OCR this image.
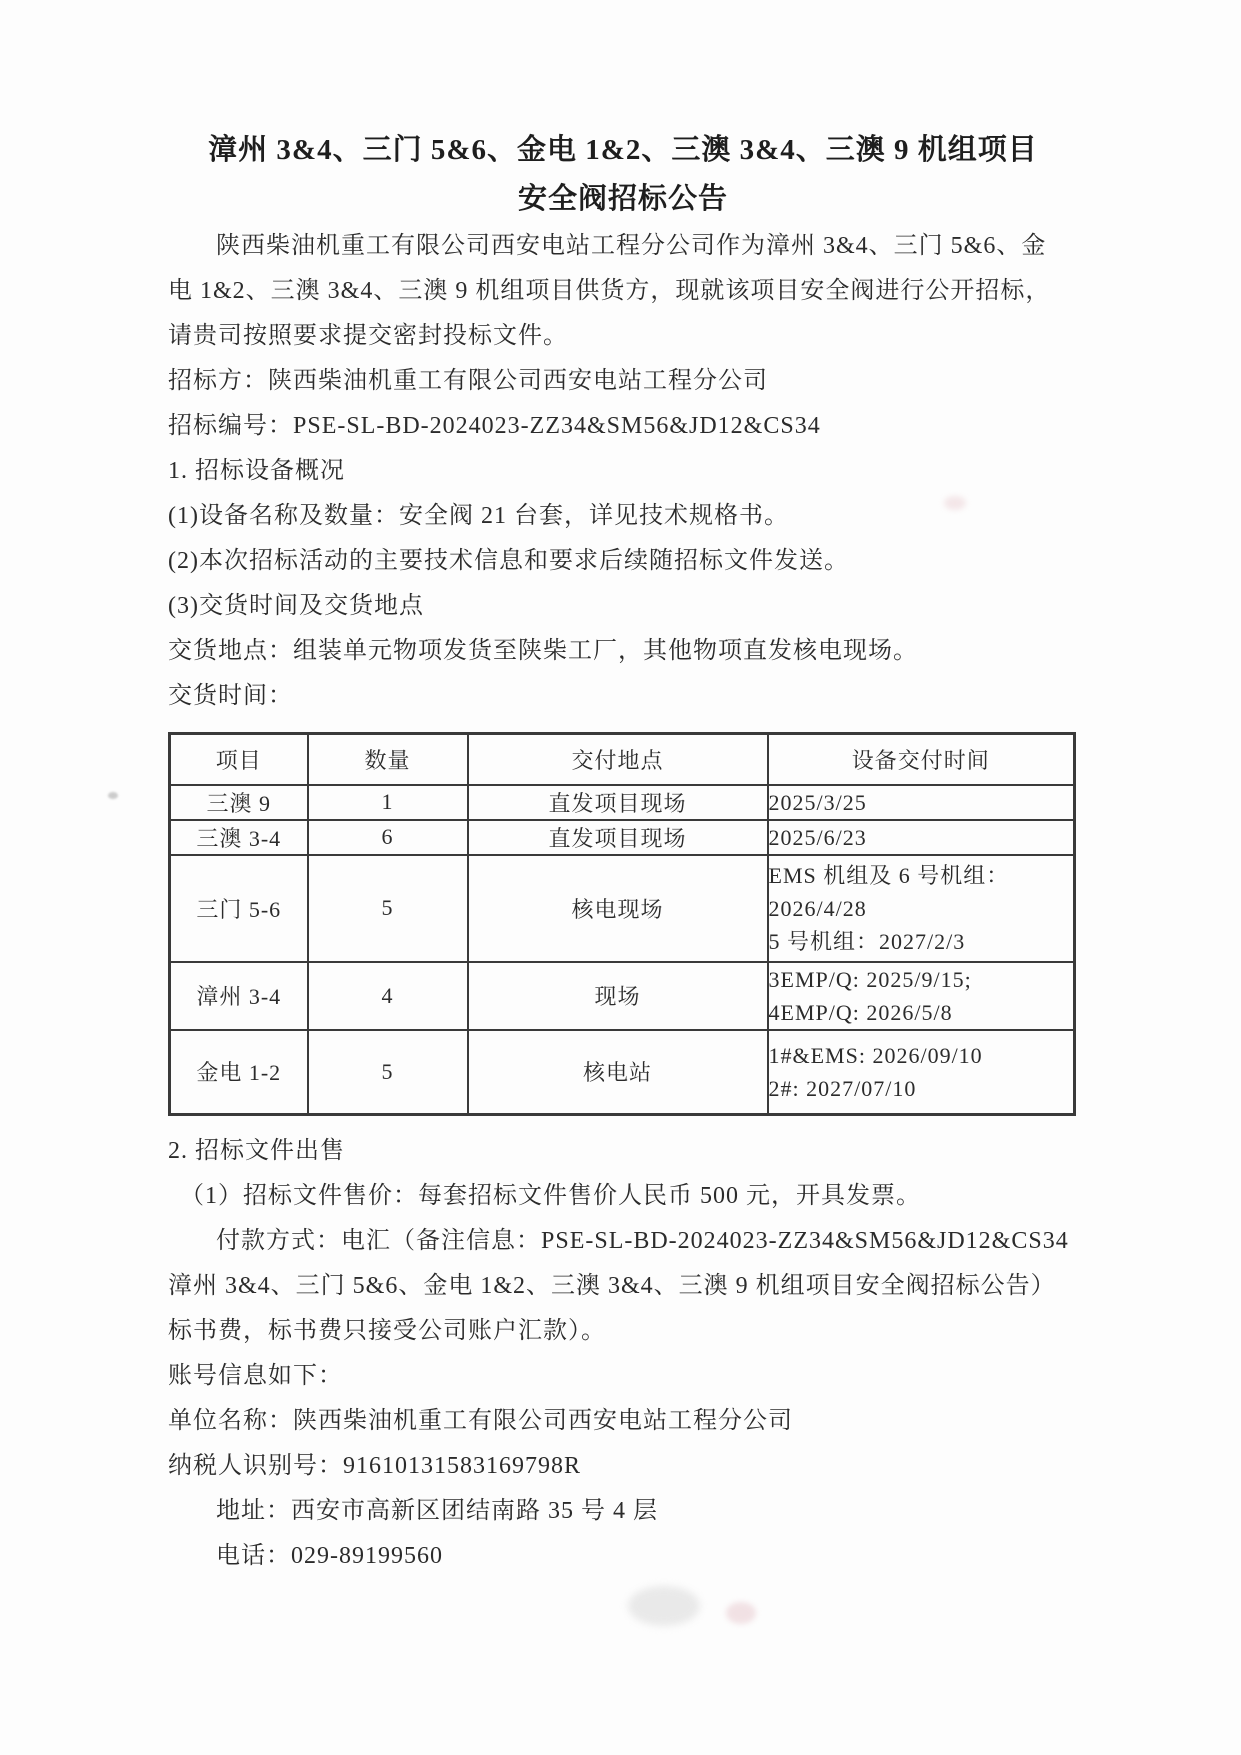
漳州 3&4、三门 5&6、金电 1&2、三澳 3&4、三澳 9 机组项目
安全阀招标公告
陕西柴油机重工有限公司西安电站工程分公司作为漳州 3&4、三门 5&6、金
电 1&2、三澳 3&4、三澳 9 机组项目供货方，现就该项目安全阀进行公开招标，
请贵司按照要求提交密封投标文件。
招标方：陕西柴油机重工有限公司西安电站工程分公司
招标编号：PSE-SL-BD-2024023-ZZ34&SM56&JD12&CS34
1. 招标设备概况
(1)设备名称及数量：安全阀 21 台套，详见技术规格书。
(2)本次招标活动的主要技术信息和要求后续随招标文件发送。
(3)交货时间及交货地点
交货地点：组装单元物项发货至陕柴工厂，其他物项直发核电现场。
交货时间：
项目	数量	交付地点	设备交付时间
三澳 9	1	直发项目现场	2025/3/25

三澳 3-4	6	直发项目现场	2025/6/23

三门 5-6	5	核电现场	EMS 机组及 6 号机组：
2026/4/28
5 号机组：2027/2/3

漳州 3-4	4	现场	3EMP/Q: 2025/9/15;
4EMP/Q: 2026/5/8

金电 1-2	5	核电站	1#&EMS: 2026/09/10
2#: 2027/07/10
2. 招标文件出售
（1）招标文件售价：每套招标文件售价人民币 500 元，开具发票。
付款方式：电汇（备注信息：PSE-SL-BD-2024023-ZZ34&SM56&JD12&CS34
漳州 3&4、三门 5&6、金电 1&2、三澳 3&4、三澳 9 机组项目安全阀招标公告）
标书费，标书费只接受公司账户汇款）。
账号信息如下：
单位名称：陕西柴油机重工有限公司西安电站工程分公司
纳税人识别号：91610131583169798R
地址：西安市高新区团结南路 35 号 4 层
电话：029-89199560
